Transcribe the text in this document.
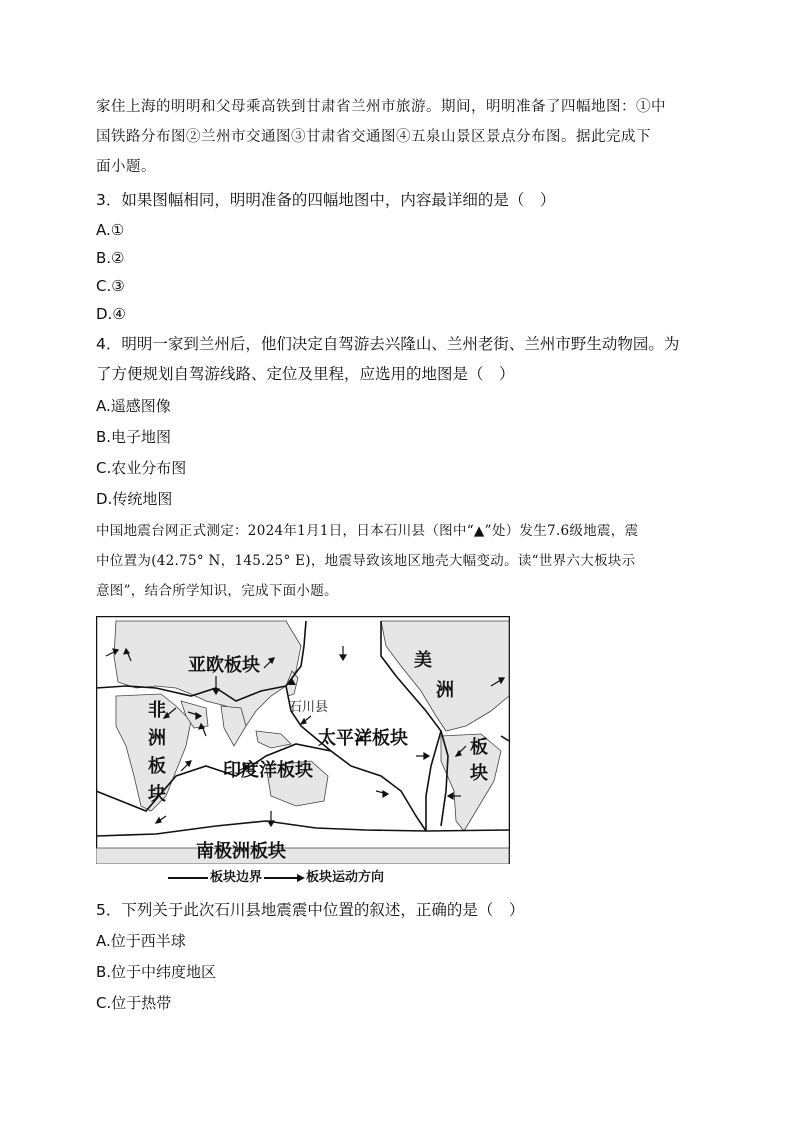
家住上海的明明和父母乘高铁到甘肃省兰州市旅游。期间，明明准备了四幅地图：①中
国铁路分布图②兰州市交通图③甘肃省交通图④五泉山景区景点分布图。据此完成下
面小题。
3．如果图幅相同，明明准备的四幅地图中，内容最详细的是（　）
A.①
B.②
C.③
D.④
4．明明一家到兰州后，他们决定自驾游去兴隆山、兰州老街、兰州市野生动物园。为
了方便规划自驾游线路、定位及里程，应选用的地图是（　）
A.遥感图像
B.电子地图
C.农业分布图
D.传统地图
中国地震台网正式测定：2024年1月1日，日本石川县（图中“▲”处）发生7.6级地震，震
中位置为(42.75° N，145.25° E)，地震导致该地区地壳大幅变动。读“世界六大板块示
意图”，结合所学知识，完成下面小题。
亚欧板块
非
洲
板
块
美
洲
板
块
石川县
太平洋板块
印度洋板块
南极洲板块
板块边界	板块运动方向
5．下列关于此次石川县地震震中位置的叙述，正确的是（　）
A.位于西半球
B.位于中纬度地区
C.位于热带
